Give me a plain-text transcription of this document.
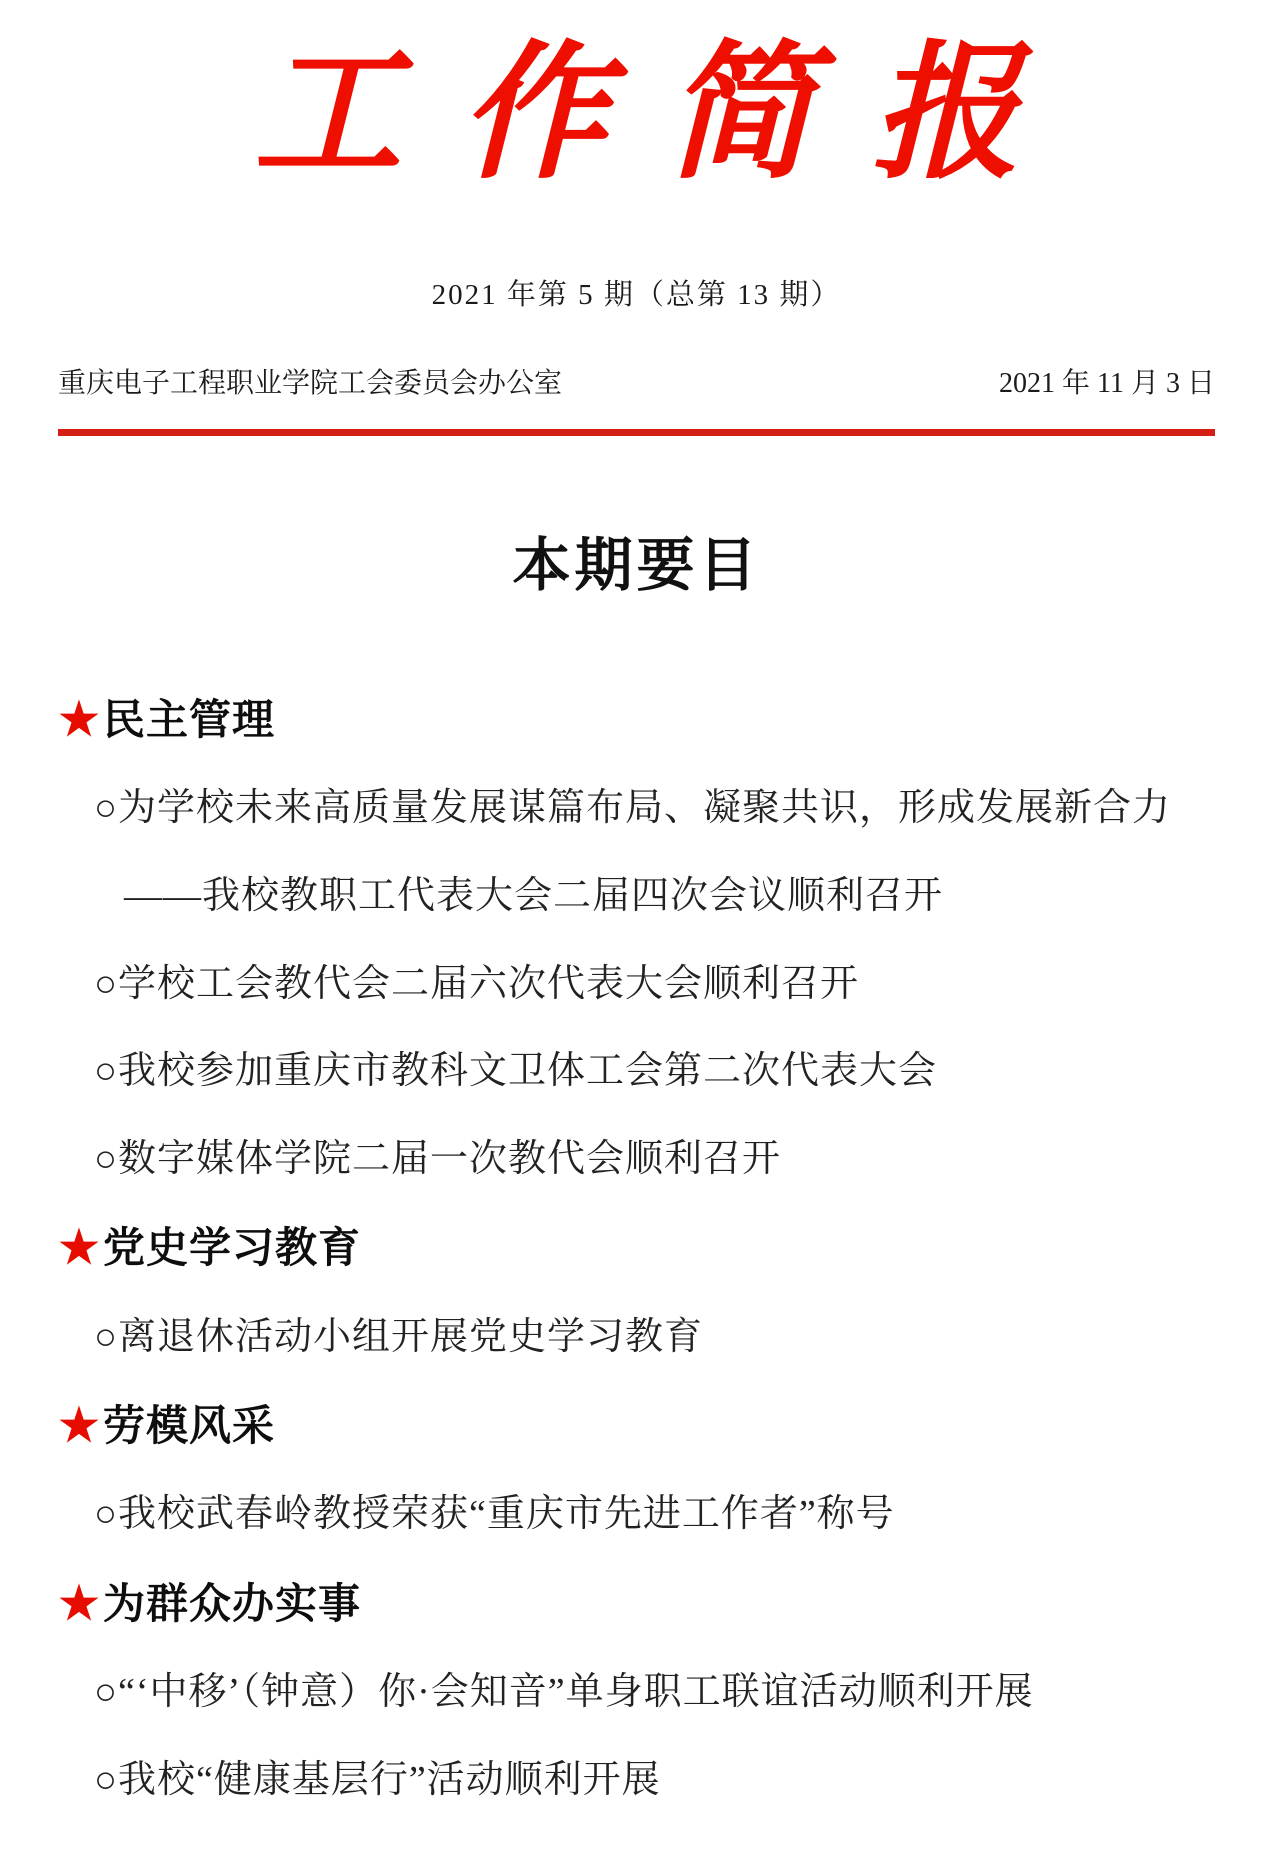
工作简报
2021 年第 5 期（总第 13 期）
重庆电子工程职业学院工会委员会办公室	2021 年 11 月 3 日
本期要目
★民主管理
○为学校未来高质量发展谋篇布局、凝聚共识，形成发展新合力
——我校教职工代表大会二届四次会议顺利召开
○学校工会教代会二届六次代表大会顺利召开
○我校参加重庆市教科文卫体工会第二次代表大会
○数字媒体学院二届一次教代会顺利召开
★党史学习教育
○离退休活动小组开展党史学习教育
★劳模风采
○我校武春岭教授荣获“重庆市先进工作者”称号
★为群众办实事
○“‘中移’（钟意）你·会知音”单身职工联谊活动顺利开展
○我校“健康基层行”活动顺利开展
